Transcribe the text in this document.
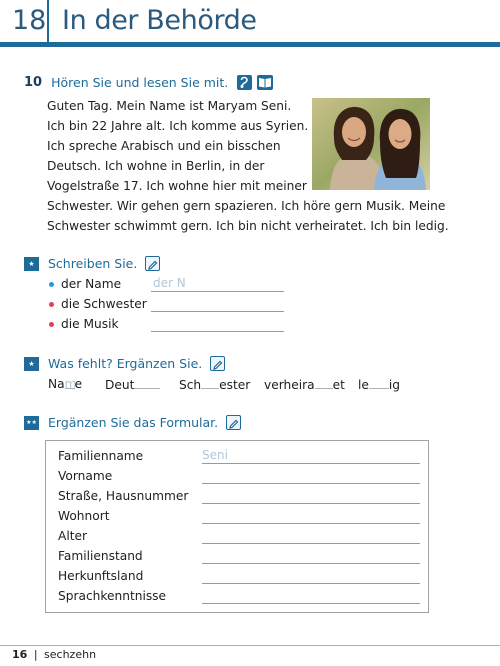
18 In der Behörde
10 Hören Sie und lesen Sie mit.
Guten Tag. Mein Name ist Maryam Seni.
Ich bin 22 Jahre alt. Ich komme aus Syrien.
Ich spreche Arabisch und ein bisschen
Deutsch. Ich wohne in Berlin, in der
Vogelstraße 17. Ich wohne hier mit meiner
Schwester. Wir gehen gern spazieren. Ich höre gern Musik. Meine
Schwester schwimmt gern. Ich bin nicht verheiratet. Ich bin ledig.
★	Schreiben Sie.
der Name	der N
die Schwester
die Musik
★	Was fehlt? Ergänzen Sie.
Name Deut	Sch ester verheira et le ig
★★ Ergänzen Sie das Formular.
Familienname	Seni
Vorname
Straße, Hausnummer
Wohnort
Alter
Familienstand
Herkunftsland
Sprachkenntnisse
16 | sechzehn
